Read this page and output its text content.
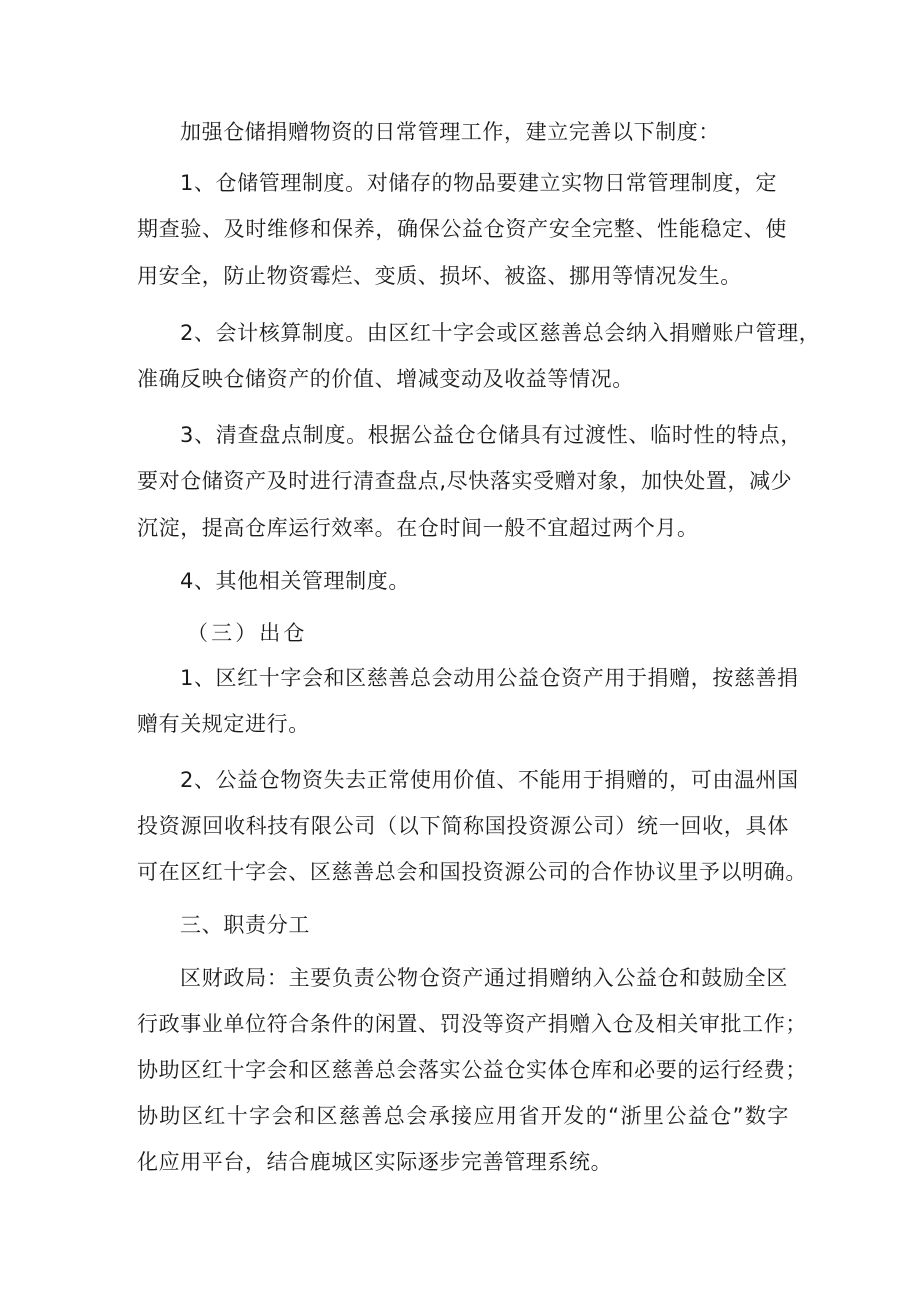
加强仓储捐赠物资的日常管理工作，建立完善以下制度：
1、仓储管理制度。对储存的物品要建立实物日常管理制度，定
期查验、及时维修和保养，确保公益仓资产安全完整、性能稳定、使
用安全，防止物资霉烂、变质、损坏、被盗、挪用等情况发生。
2、会计核算制度。由区红十字会或区慈善总会纳入捐赠账户管理，
准确反映仓储资产的价值、增减变动及收益等情况。
3、清查盘点制度。根据公益仓仓储具有过渡性、临时性的特点，
要对仓储资产及时进行清查盘点,尽快落实受赠对象，加快处置，减少
沉淀，提高仓库运行效率。在仓时间一般不宜超过两个月。
4、其他相关管理制度。
（三）出仓
1、区红十字会和区慈善总会动用公益仓资产用于捐赠，按慈善捐
赠有关规定进行。
2、公益仓物资失去正常使用价值、不能用于捐赠的，可由温州国
投资源回收科技有限公司（以下简称国投资源公司）统一回收，具体
可在区红十字会、区慈善总会和国投资源公司的合作协议里予以明确。
三、职责分工
区财政局：主要负责公物仓资产通过捐赠纳入公益仓和鼓励全区
行政事业单位符合条件的闲置、罚没等资产捐赠入仓及相关审批工作；
协助区红十字会和区慈善总会落实公益仓实体仓库和必要的运行经费；
协助区红十字会和区慈善总会承接应用省开发的“浙里公益仓”数字
化应用平台，结合鹿城区实际逐步完善管理系统。
